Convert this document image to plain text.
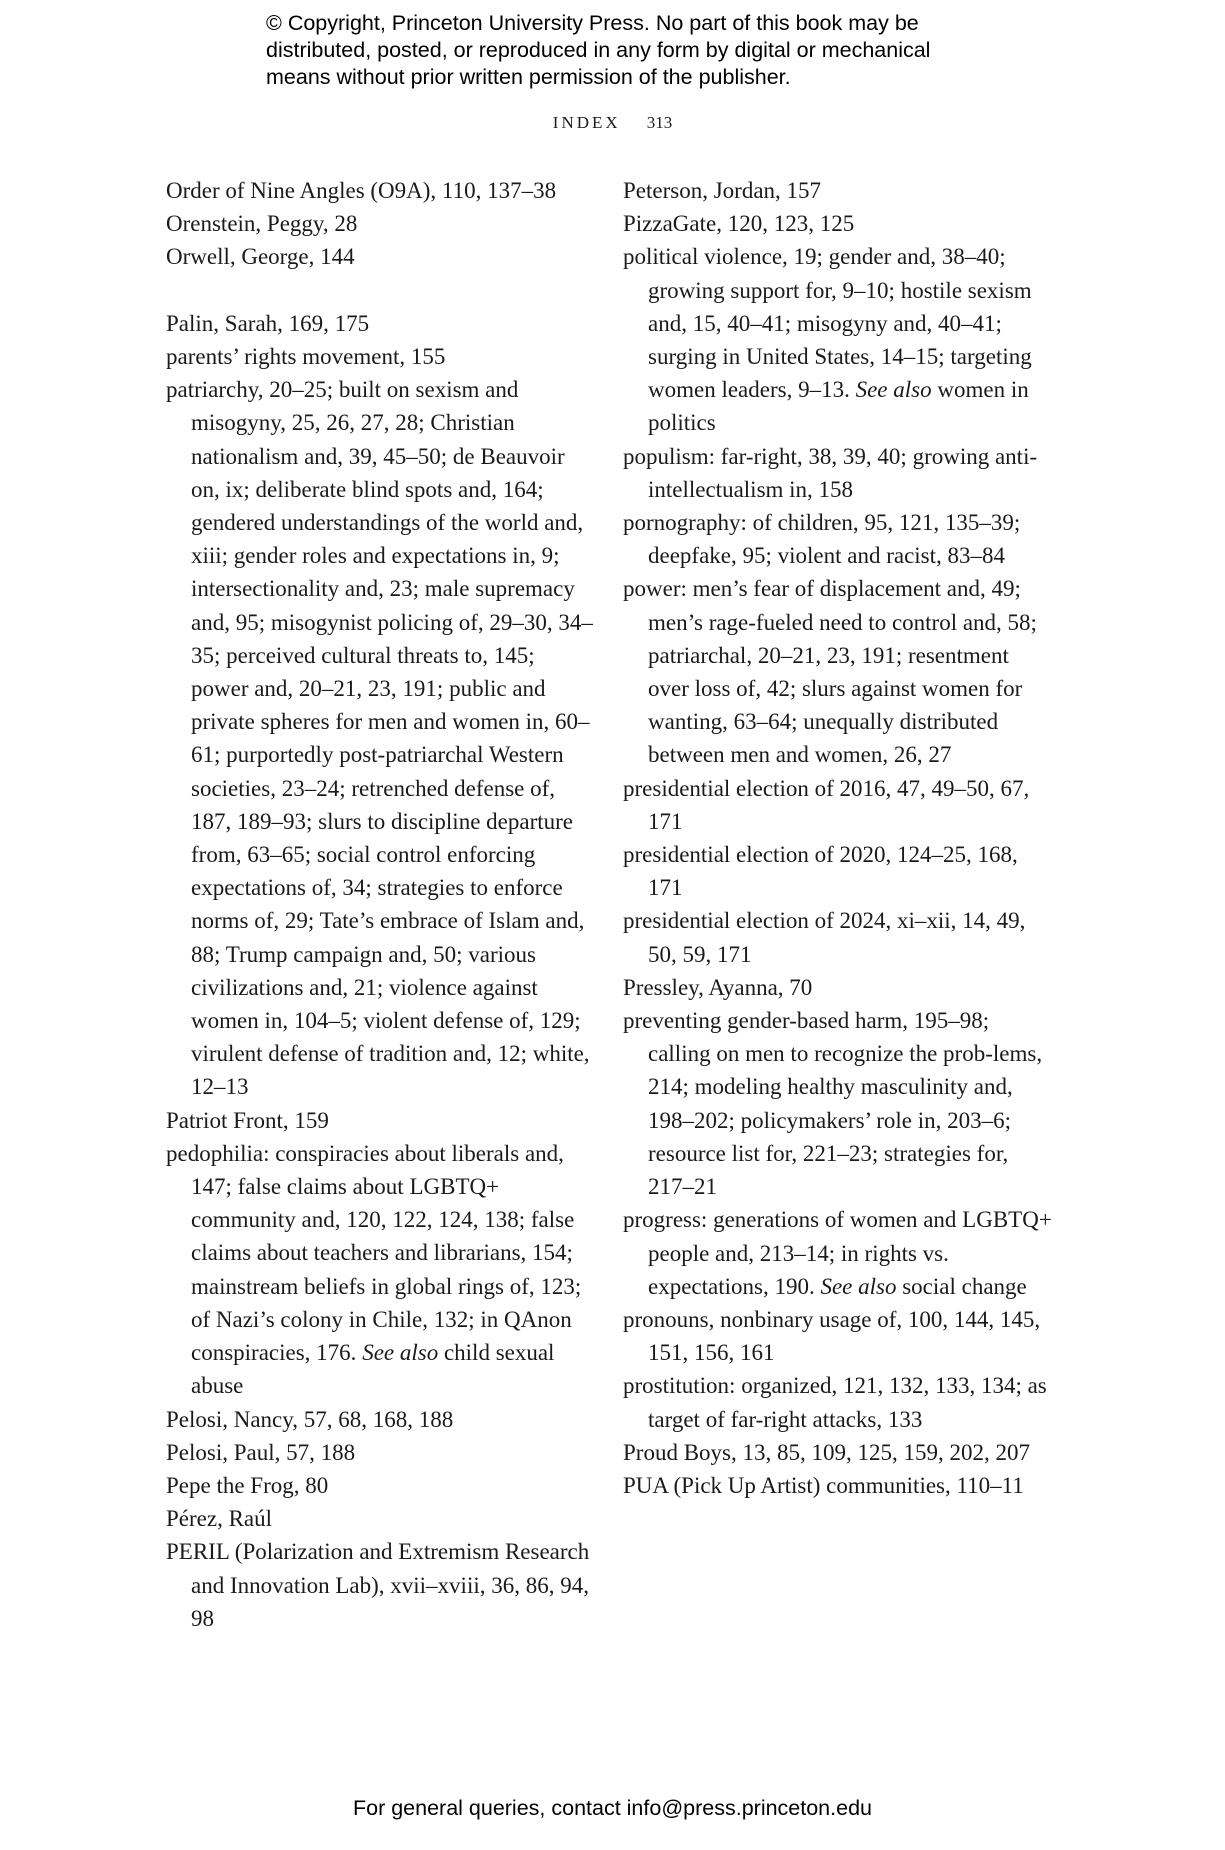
© Copyright, Princeton University Press. No part of this book may be
distributed, posted, or reproduced in any form by digital or mechanical
means without prior written permission of the publisher.
INDEX 313

Order of Nine Angles (O9A), 110, 137–38

Orenstein, Peggy, 28

Orwell, George, 144

Palin, Sarah, 169, 175

parents’ rights movement, 155

patriarchy, 20–25; built on sexism and misogyny, 25, 26, 27, 28; Christian nationalism and, 39, 45–50; de Beauvoir on, ix; deliberate blind spots and, 164; gendered understandings of the world and, xiii; gender roles and expectations in, 9; intersectionality and, 23; male supremacy and, 95; misogynist policing of, 29–30, 34–35; perceived cultural threats to, 145; power and, 20–21, 23, 191; public and private spheres for men and women in, 60–61; purportedly post-patriarchal Western societies, 23–24; retrenched defense of, 187, 189–93; slurs to discipline departure from, 63–65; social control enforcing expectations of, 34; strategies to enforce norms of, 29; Tate’s embrace of Islam and, 88; Trump campaign and, 50; various civilizations and, 21; violence against women in, 104–5; violent defense of, 129; virulent defense of tradition and, 12; white, 12–13

Patriot Front, 159

pedophilia: conspiracies about liberals and, 147; false claims about LGBTQ+ community and, 120, 122, 124, 138; false claims about teachers and librarians, 154; mainstream beliefs in global rings of, 123; of Nazi’s colony in Chile, 132; in QAnon conspiracies, 176. See also child sexual abuse

Pelosi, Nancy, 57, 68, 168, 188

Pelosi, Paul, 57, 188

Pepe the Frog, 80

Pérez, Raúl

PERIL (Polarization and Extremism Research and Innovation Lab), xvii–xviii, 36, 86, 94, 98

Peterson, Jordan, 157

PizzaGate, 120, 123, 125

political violence, 19; gender and, 38–40; growing support for, 9–10; hostile sexism and, 15, 40–41; misogyny and, 40–41; surging in United States, 14–15; targeting women leaders, 9–13. See also women in politics

populism: far-right, 38, 39, 40; growing anti-intellectualism in, 158

pornography: of children, 95, 121, 135–39; deepfake, 95; violent and racist, 83–84

power: men’s fear of displacement and, 49; men’s rage-fueled need to control and, 58; patriarchal, 20–21, 23, 191; resentment over loss of, 42; slurs against women for wanting, 63–64; unequally distributed between men and women, 26, 27

presidential election of 2016, 47, 49–50, 67, 171

presidential election of 2020, 124–25, 168, 171

presidential election of 2024, xi–xii, 14, 49, 50, 59, 171

Pressley, Ayanna, 70

preventing gender-based harm, 195–98; calling on men to recognize the prob-lems, 214; modeling healthy masculinity and, 198–202; policymakers’ role in, 203–6; resource list for, 221–23; strategies for, 217–21

progress: generations of women and LGBTQ+ people and, 213–14; in rights vs. expectations, 190. See also social change

pronouns, nonbinary usage of, 100, 144, 145, 151, 156, 161

prostitution: organized, 121, 132, 133, 134; as target of far-right attacks, 133

Proud Boys, 13, 85, 109, 125, 159, 202, 207

PUA (Pick Up Artist) communities, 110–11

For general queries, contact info@press.princeton.edu
